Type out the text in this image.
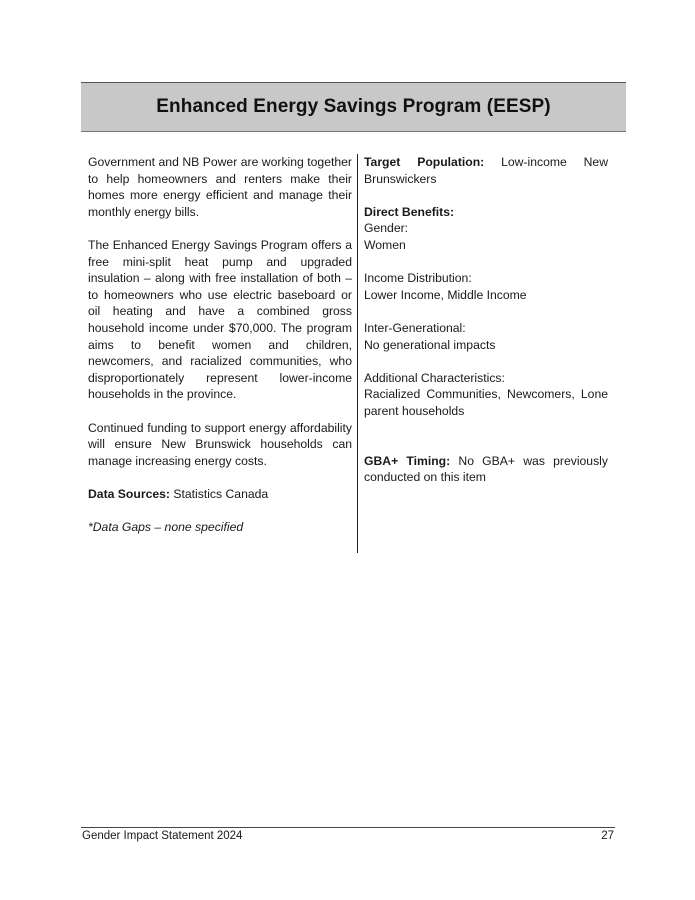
Enhanced Energy Savings Program (EESP)

Government and NB Power are working together to help homeowners and renters make their homes more energy efficient and manage their monthly energy bills.

The Enhanced Energy Savings Program offers a free mini-split heat pump and upgraded insulation – along with free installation of both – to homeowners who use electric baseboard or oil heating and have a combined gross household income under $70,000. The program aims to benefit women and children, newcomers, and racialized communities, who disproportionately represent lower-income households in the province.

Continued funding to support energy affordability will ensure New Brunswick households can manage increasing energy costs.

Data Sources: Statistics Canada

*Data Gaps – none specified

Target Population: Low-income New Brunswickers

Direct Benefits:
Gender:
Women
Income Distribution:
Lower Income, Middle Income
Inter-Generational:
No generational impacts
Additional Characteristics:
Racialized Communities, Newcomers, Lone parent households

GBA+ Timing: No GBA+ was previously conducted on this item

Gender Impact Statement 2024	27
